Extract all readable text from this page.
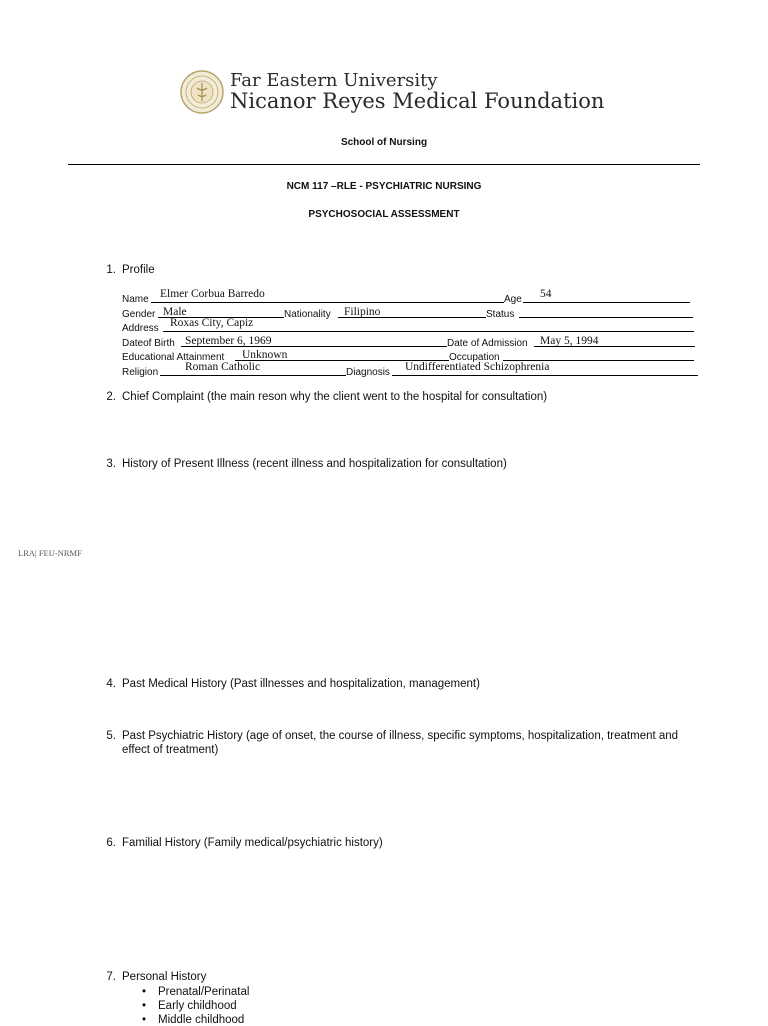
Far Eastern University
Nicanor Reyes Medical Foundation
School of Nursing
NCM 117 –RLE - PSYCHIATRIC NURSING
PSYCHOSOCIAL ASSESSMENT
1. Profile
Name Elmer Corbua Barredo	Age 54
Gender Male	Nationality Filipino	Status
Address Roxas City, Capiz
Dateof Birth September 6, 1969	Date of Admission May 5, 1994
Educational Attainment Unknown	Occupation
Religion Roman Catholic	Diagnosis Undifferentiated Schizophrenia
2. Chief Complaint (the main reson why the client went to the hospital for consultation)
3. History of Present Illness (recent illness and hospitalization for consultation)
LRA| FEU-NRMF
4. Past Medical History (Past illnesses and hospitalization, management)
5. Past Psychiatric History (age of onset, the course of illness, specific symptoms, hospitalization, treatment and
effect of treatment)
6. Familial History (Family medical/psychiatric history)
7. Personal History
• Prenatal/Perinatal
• Early childhood
• Middle childhood
